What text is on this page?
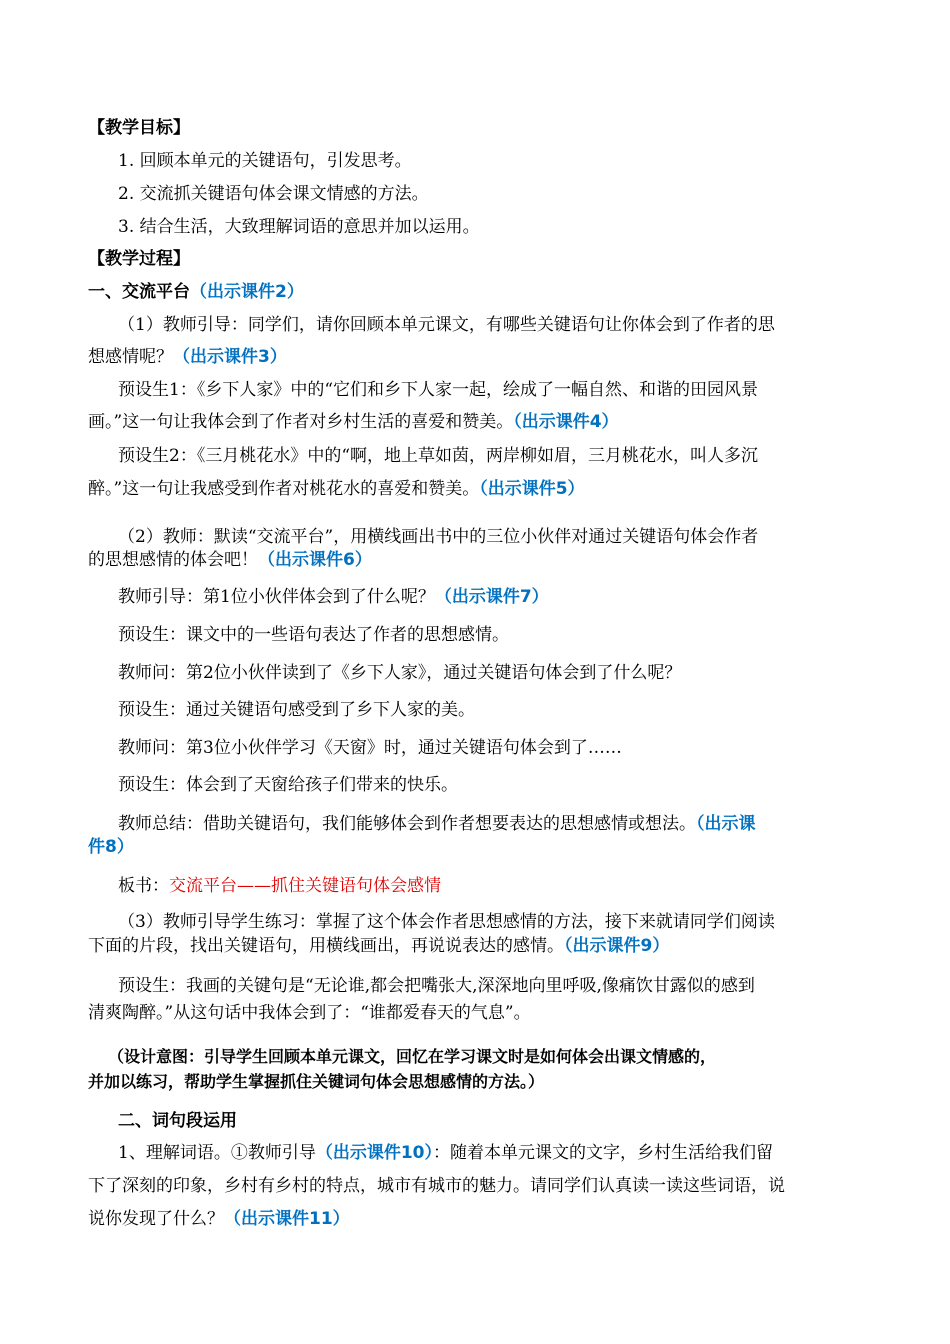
【教学目标】
1. 回顾本单元的关键语句，引发思考。
2. 交流抓关键语句体会课文情感的方法。
3. 结合生活，大致理解词语的意思并加以运用。
【教学过程】
一、交流平台（出示课件2）
（1）教师引导：同学们，请你回顾本单元课文，有哪些关键语句让你体会到了作者的思
想感情呢？（出示课件3）
预设生1：《乡下人家》中的“它们和乡下人家一起，绘成了一幅自然、和谐的田园风景
画。”这一句让我体会到了作者对乡村生活的喜爱和赞美。（出示课件4）
预设生2：《三月桃花水》中的“啊，地上草如茵，两岸柳如眉，三月桃花水，叫人多沉
醉。”这一句让我感受到作者对桃花水的喜爱和赞美。（出示课件5）
（2）教师：默读“交流平台”，用横线画出书中的三位小伙伴对通过关键语句体会作者
的思想感情的体会吧！（出示课件6）
教师引导：第1位小伙伴体会到了什么呢？（出示课件7）
预设生：课文中的一些语句表达了作者的思想感情。
教师问：第2位小伙伴读到了《乡下人家》，通过关键语句体会到了什么呢？
预设生：通过关键语句感受到了乡下人家的美。
教师问：第3位小伙伴学习《天窗》时，通过关键语句体会到了……
预设生：体会到了天窗给孩子们带来的快乐。
教师总结：借助关键语句，我们能够体会到作者想要表达的思想感情或想法。（出示课
件8）
板书：交流平台——抓住关键语句体会感情
（3）教师引导学生练习：掌握了这个体会作者思想感情的方法，接下来就请同学们阅读
下面的片段，找出关键语句，用横线画出，再说说表达的感情。（出示课件9）
预设生：我画的关键句是“无论谁,都会把嘴张大,深深地向里呼吸,像痛饮甘露似的感到
清爽陶醉。”从这句话中我体会到了：“谁都爱春天的气息”。
（设计意图：引导学生回顾本单元课文，回忆在学习课文时是如何体会出课文情感的，
并加以练习，帮助学生掌握抓住关键词句体会思想感情的方法。）
二、词句段运用
1、理解词语。①教师引导（出示课件10）：随着本单元课文的文字，乡村生活给我们留
下了深刻的印象，乡村有乡村的特点，城市有城市的魅力。请同学们认真读一读这些词语，说
说你发现了什么？（出示课件11）
